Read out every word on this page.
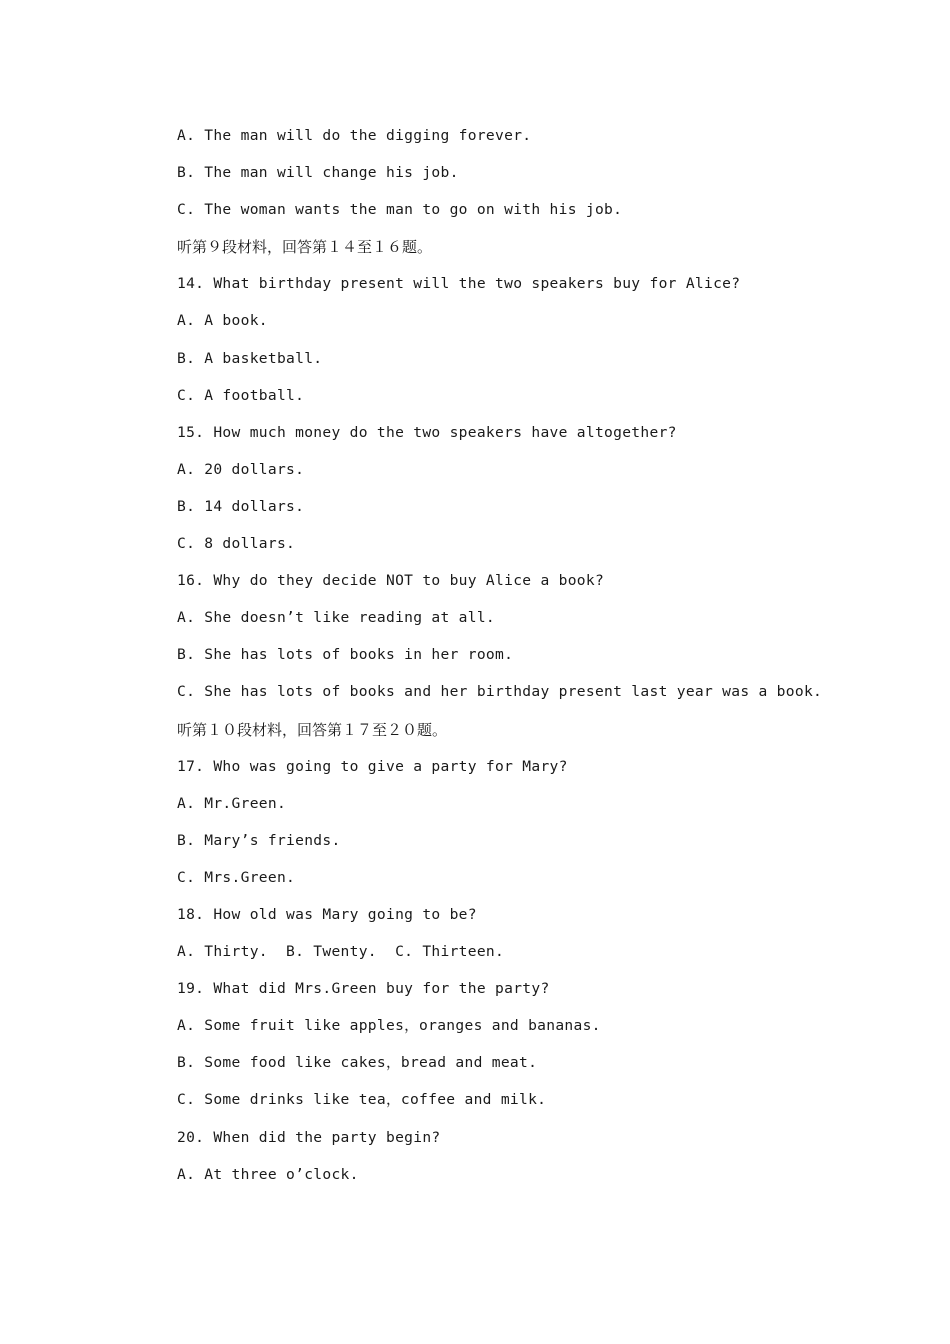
A. The man will do the digging forever.
B. The man will change his job.
C. The woman wants the man to go on with his job.
听第９段材料，回答第１４至１６题。
14. What birthday present will the two speakers buy for Alice?
A. A book.
B. A basketball.
C. A football.
15. How much money do the two speakers have altogether?
A. 20 dollars.
B. 14 dollars.
C. 8 dollars.
16. Why do they decide NOT to buy Alice a book?
A. She doesn’t like reading at all.
B. She has lots of books in her room.
C. She has lots of books and her birthday present last year was a book.
听第１０段材料，回答第１７至２０题。
17. Who was going to give a party for Mary?
A. Mr.Green.
B. Mary’s friends.
C. Mrs.Green.
18. How old was Mary going to be?
A. Thirty.  B. Twenty.  C. Thirteen.
19. What did Mrs.Green buy for the party?
A. Some fruit like apples，oranges and bananas.
B. Some food like cakes，bread and meat.
C. Some drinks like tea，coffee and milk.
20. When did the party begin?
A. At three o’clock.
